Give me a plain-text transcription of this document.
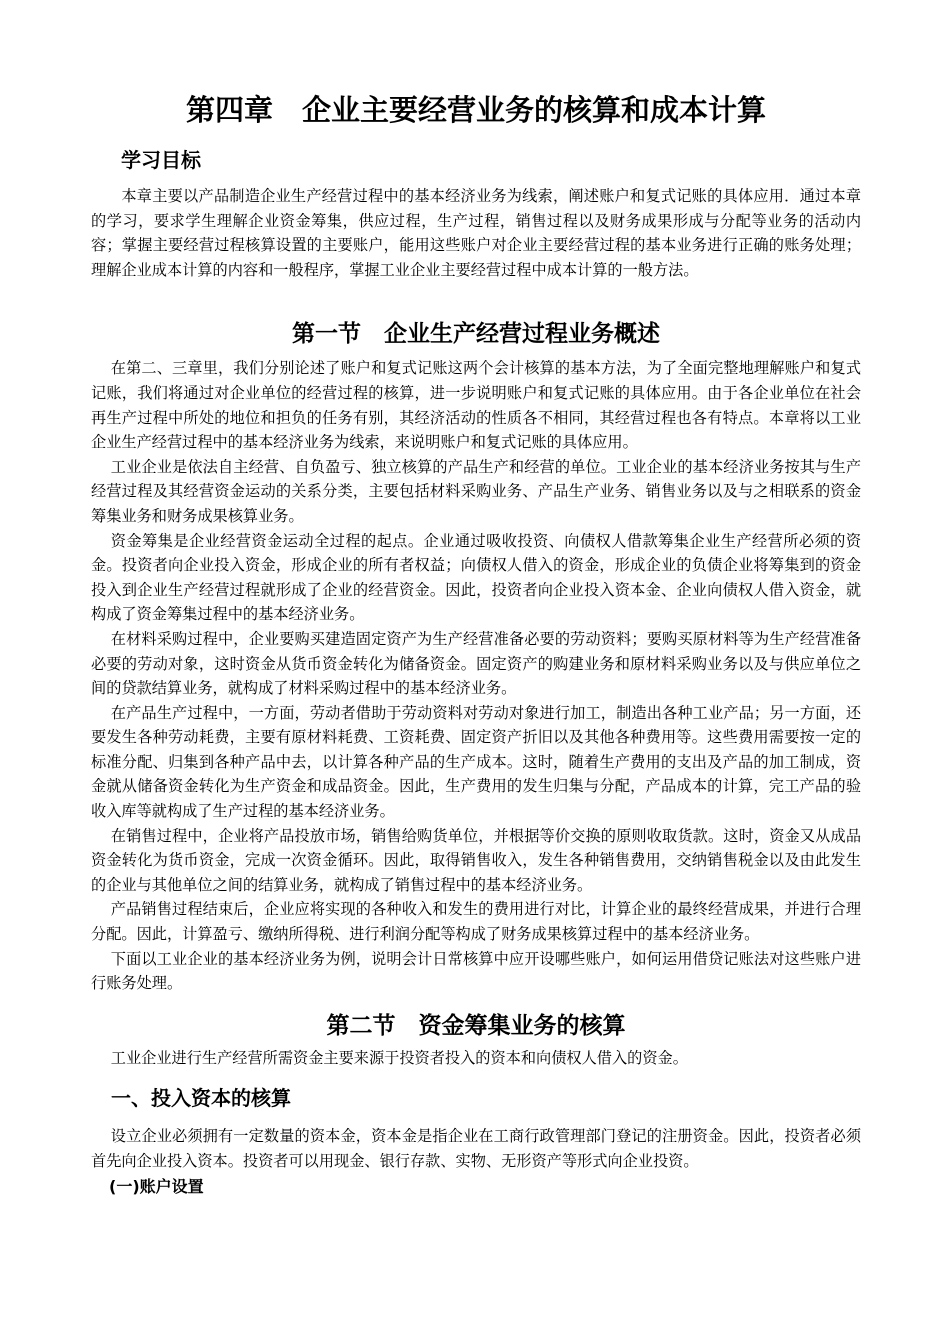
第四章　企业主要经营业务的核算和成本计算
学习目标

本章主要以产品制造企业生产经营过程中的基本经济业务为线索，阐述账户和复式记账的具体应用．通过本章的学习，要求学生理解企业资金筹集，供应过程，生产过程，销售过程以及财务成果形成与分配等业务的活动内容；掌握主要经营过程核算设置的主要账户，能用这些账户对企业主要经营过程的基本业务进行正确的账务处理；理解企业成本计算的内容和一般程序，掌握工业企业主要经营过程中成本计算的一般方法。

第一节　企业生产经营过程业务概述

在第二、三章里，我们分别论述了账户和复式记账这两个会计核算的基本方法，为了全面完整地理解账户和复式记账，我们将通过对企业单位的经营过程的核算，进一步说明账户和复式记账的具体应用。由于各企业单位在社会再生产过程中所处的地位和担负的任务有别，其经济活动的性质各不相同，其经营过程也各有特点。本章将以工业企业生产经营过程中的基本经济业务为线索，来说明账户和复式记账的具体应用。

工业企业是依法自主经营、自负盈亏、独立核算的产品生产和经营的单位。工业企业的基本经济业务按其与生产经营过程及其经营资金运动的关系分类，主要包括材料采购业务、产品生产业务、销售业务以及与之相联系的资金筹集业务和财务成果核算业务。

资金筹集是企业经营资金运动全过程的起点。企业通过吸收投资、向债权人借款筹集企业生产经营所必须的资金。投资者向企业投入资金，形成企业的所有者权益；向债权人借入的资金，形成企业的负债企业将筹集到的资金投入到企业生产经营过程就形成了企业的经营资金。因此，投资者向企业投入资本金、企业向债权人借入资金，就构成了资金筹集过程中的基本经济业务。

在材料采购过程中，企业要购买建造固定资产为生产经营准备必要的劳动资料；要购买原材料等为生产经营准备必要的劳动对象，这时资金从货币资金转化为储备资金。固定资产的购建业务和原材料采购业务以及与供应单位之间的贷款结算业务，就构成了材料采购过程中的基本经济业务。

在产品生产过程中，一方面，劳动者借助于劳动资料对劳动对象进行加工，制造出各种工业产品；另一方面，还要发生各种劳动耗费，主要有原材料耗费、工资耗费、固定资产折旧以及其他各种费用等。这些费用需要按一定的标准分配、归集到各种产品中去，以计算各种产品的生产成本。这时，随着生产费用的支出及产品的加工制成，资金就从储备资金转化为生产资金和成品资金。因此，生产费用的发生归集与分配，产品成本的计算，完工产品的验收入库等就构成了生产过程的基本经济业务。

在销售过程中，企业将产品投放市场，销售给购货单位，并根据等价交换的原则收取货款。这时，资金又从成品资金转化为货币资金，完成一次资金循环。因此，取得销售收入，发生各种销售费用，交纳销售税金以及由此发生的企业与其他单位之间的结算业务，就构成了销售过程中的基本经济业务。

产品销售过程结束后，企业应将实现的各种收入和发生的费用进行对比，计算企业的最终经营成果，并进行合理分配。因此，计算盈亏、缴纳所得税、进行利润分配等构成了财务成果核算过程中的基本经济业务。

下面以工业企业的基本经济业务为例，说明会计日常核算中应开设哪些账户，如何运用借贷记账法对这些账户进行账务处理。

第二节　资金筹集业务的核算

工业企业进行生产经营所需资金主要来源于投资者投入的资本和向债权人借入的资金。

一、投入资本的核算

设立企业必须拥有一定数量的资本金，资本金是指企业在工商行政管理部门登记的注册资金。因此，投资者必须首先向企业投入资本。投资者可以用现金、银行存款、实物、无形资产等形式向企业投资。

(一)账户设置
